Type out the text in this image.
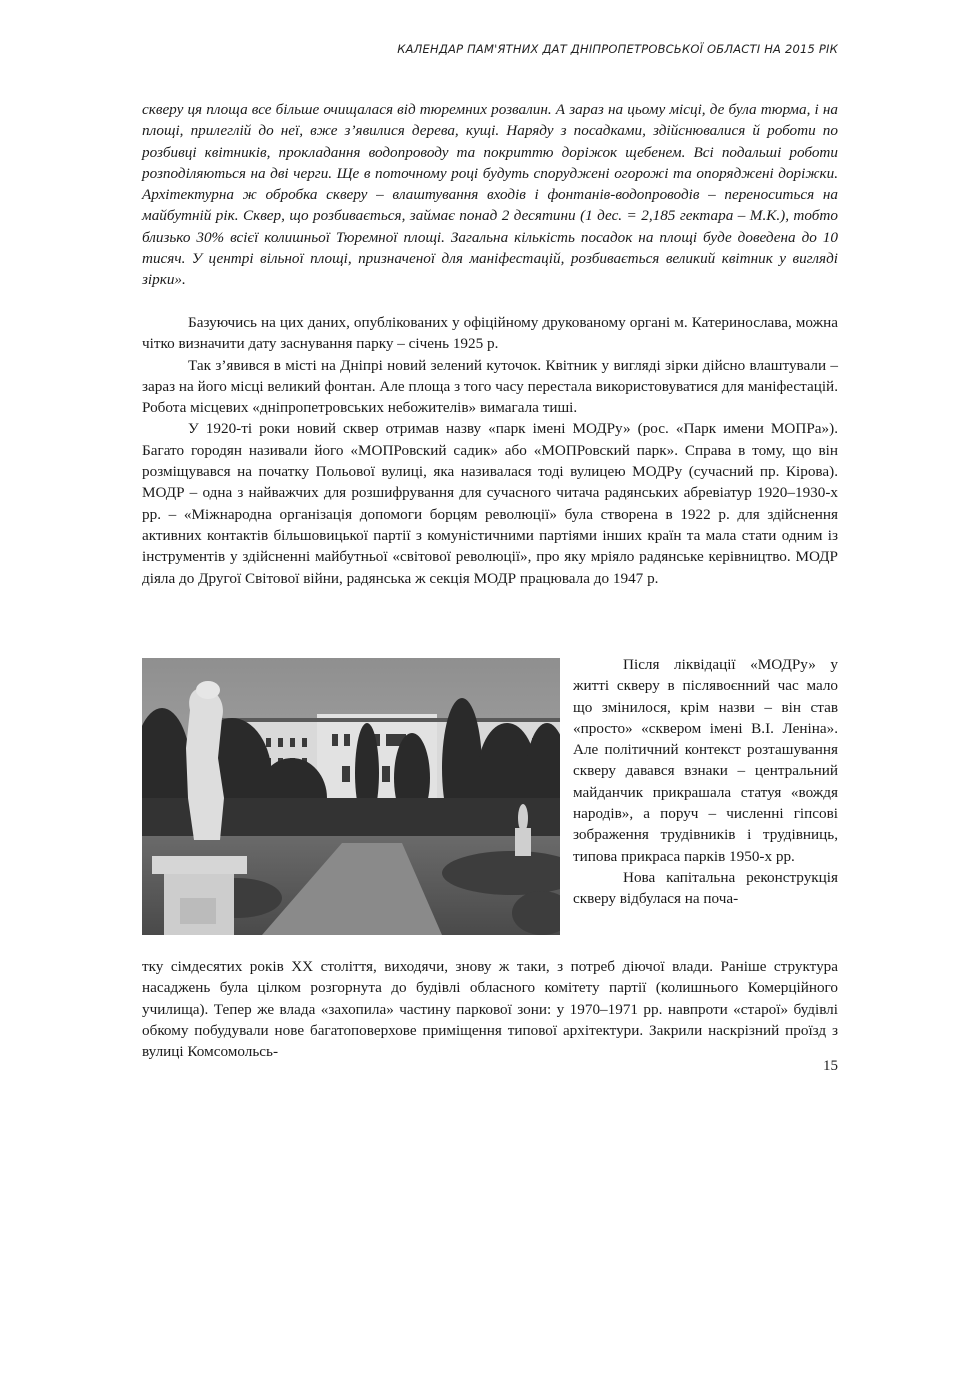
КАЛЕНДАР ПАМ'ЯТНИХ ДАТ ДНІПРОПЕТРОВСЬКОЇ ОБЛАСТІ НА 2015 РІК

скверу ця площа все більше очищалася від тюремних розвалин. А зараз на цьому місці, де була тюрма, і на площі, прилеглій до неї, вже з’явилися дерева, кущі. Наряду з посадками, здійснювалися й роботи по розбивці квітників, прокладання водопроводу та покриттю доріжок щебенем. Всі подальші роботи розподіляються на дві черги. Ще в поточному році будуть споруджені огорожі та опоряджені доріжки. Архітектурна ж обробка скверу – влаштування входів і фонтанів-водопроводів – переноситься на майбутній рік. Сквер, що розбивається, займає понад 2 десятини (1 дес. = 2,185 гектара – М.К.), тобто близько 30% всієї колишньої Тюремної площі. Загальна кількість посадок на площі буде доведена до 10 тисяч. У центрі вільної площі, призначеної для маніфестацій, розбивається великий квітник у вигляді зірки».

Базуючись на цих даних, опублікованих у офіційному друкованому органі м. Катеринослава, можна чітко визначити дату заснування парку – січень 1925 р.

Так з’явився в місті на Дніпрі новий зелений куточок. Квітник у вигляді зірки дійсно влаштували – зараз на його місці великий фонтан. Але площа з того часу перестала використовуватися для маніфестацій. Робота місцевих «дніпропетровських небожителів» вимагала тиші.

У 1920-ті роки новий сквер отримав назву «парк імені МОДРу» (рос. «Парк имени МОПРа»). Багато городян називали його «МОПРовский садик» або «МОПРовский парк». Справа в тому, що він розміщувався на початку Польової вулиці, яка називалася тоді вулицею МОДРу (сучасний пр. Кірова). МОДР – одна з найважчих для розшифрування для сучасного читача радянських абревіатур 1920–1930-х рр. – «Міжнародна організація допомоги борцям революції» була створена в 1922 р. для здійснення активних контактів більшовицької партії з комуністичними партіями інших країн та мала стати одним із інструментів у здійсненні майбутньої «світової революції», про яку мріяло радянське керівництво. МОДР діяла до Другої Світової війни, радянська ж секція МОДР працювала до 1947 р.

Після ліквідації «МОДРу» у житті скверу в післявоєнний час мало що змінилося, крім назви – він став «просто» «сквером імені В.І. Леніна». Але політичний контекст розташування скверу давався взнаки – центральний майданчик прикрашала статуя «вождя народів», а поруч – численні гіпсові зображення трудівників і трудівниць, типова прикраса парків 1950-х рр.

Нова капітальна реконструкція скверу відбулася на поча-

тку сімдесятих років XX століття, виходячи, знову ж таки, з потреб діючої влади. Раніше структура насаджень була цілком розгорнута до будівлі обласного комітету партії (колишнього Комерційного училища). Тепер же влада «захопила» частину паркової зони: у 1970–1971 рр. навпроти «старої» будівлі обкому побудували нове багатоповерхове приміщення типової архітектури. Закрили наскрізний проїзд з вулиці Комсомольсь-

15
